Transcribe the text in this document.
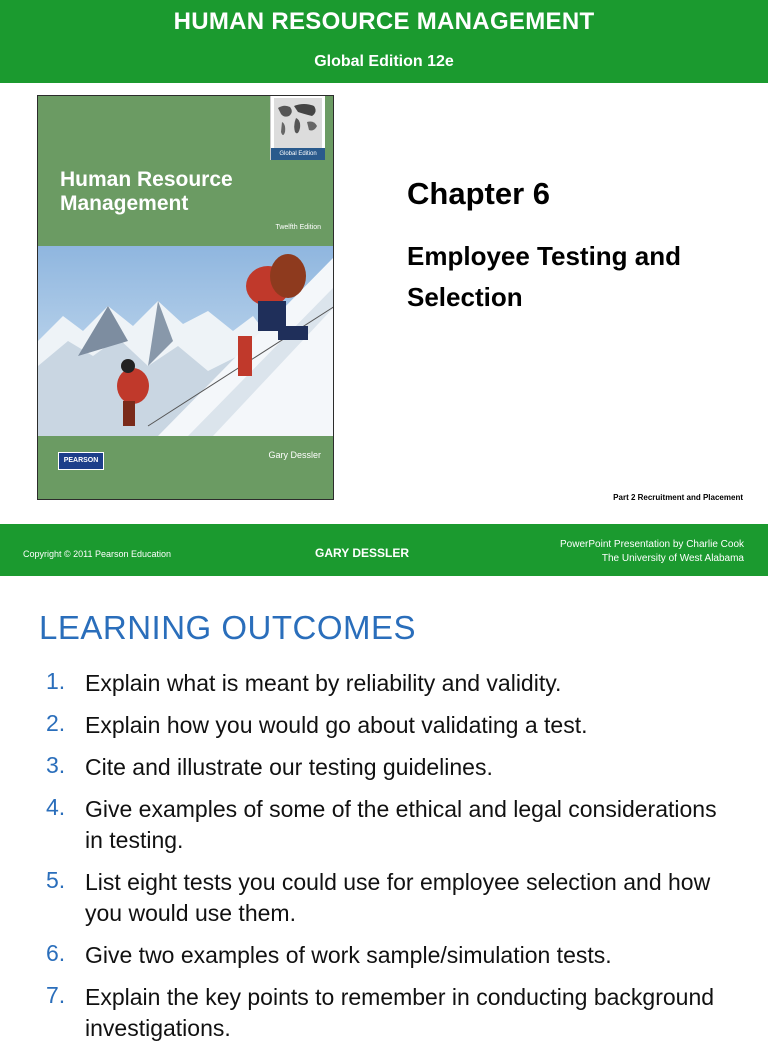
HUMAN RESOURCE MANAGEMENT
Global Edition 12e
Global Edition
Human Resource Management
Twelfth Edition
PEARSON
Gary Dessler
Chapter 6
Employee Testing and Selection
Part 2 Recruitment and Placement
Copyright © 2011 Pearson Education	GARY DESSLER
PowerPoint Presentation by Charlie Cook
The University of West Alabama
LEARNING OUTCOMES
1. Explain what is meant by reliability and validity.
2. Explain how you would go about validating a test.
3. Cite and illustrate our testing guidelines.
4. Give examples of some of the ethical and legal considerations in testing.
5. List eight tests you could use for employee selection and how you would use them.
6. Give two examples of work sample/simulation tests.
7. Explain the key points to remember in conducting background investigations.
